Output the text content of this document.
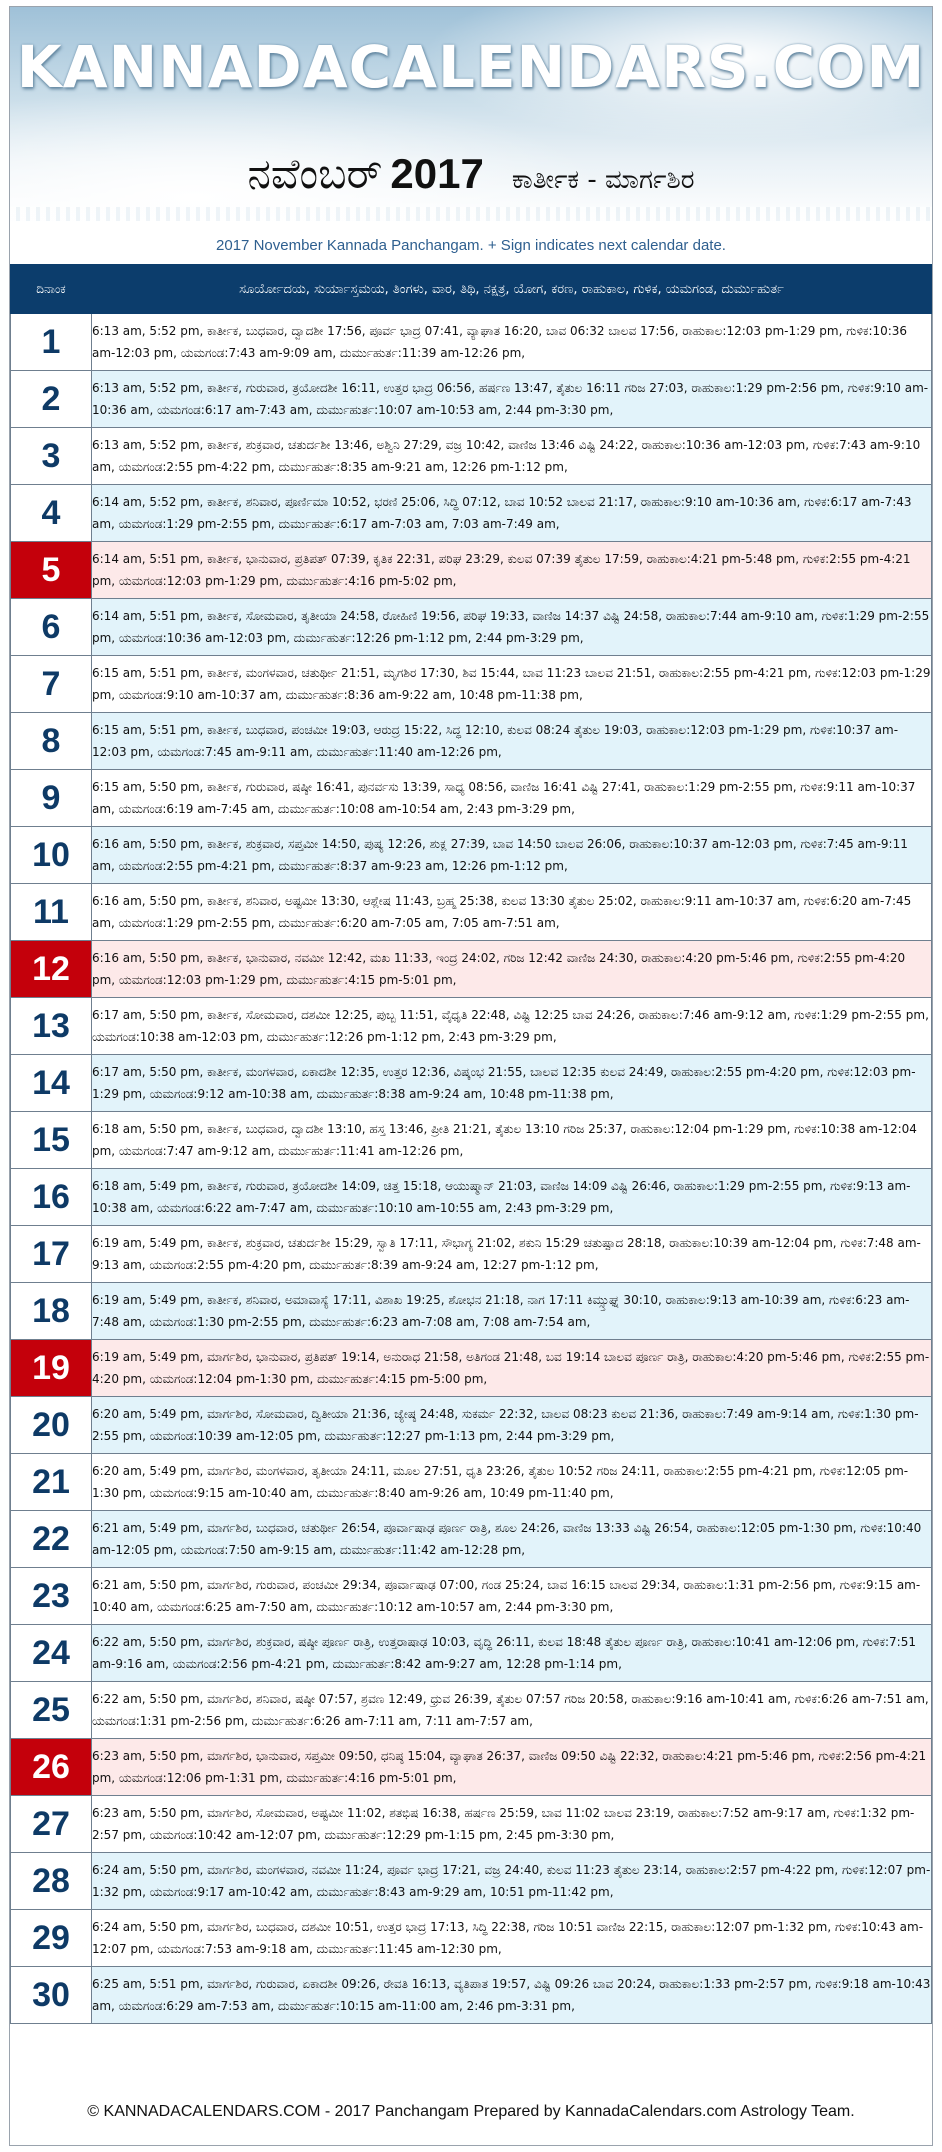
KANNADACALENDARS.COM
ನವೆಂಬರ್ 2017 ಕಾರ್ತೀಕ - ಮಾರ್ಗಶಿರ
2017 November Kannada Panchangam. + Sign indicates next calendar date.
ದಿನಾಂಕ	ಸೂರ್ಯೋದಯ, ಸುರ್ಯಾಸ್ತಮಯ, ತಿಂಗಳು, ವಾರ, ತಿಥಿ, ನಕ್ಷತ್ರ, ಯೋಗ, ಕರಣ, ರಾಹುಕಾಲ, ಗುಳಿಕ, ಯಮಗಂಡ, ದುರ್ಮುಹುರ್ತ
1	6:13 am, 5:52 pm, ಕಾರ್ತೀಕ, ಬುಧವಾರ, ದ್ವಾದಶೀ 17:56, ಪೂರ್ವ ಭಾದ್ರ 07:41, ವ್ಯಾಘಾತ 16:20, ಬಾವ 06:32 ಬಾಲವ 17:56, ರಾಹುಕಾಲ:12:03 pm-1:29 pm, ಗುಳಿಕ:10:36 am-12:03 pm, ಯಮಗಂಡ:7:43 am-9:09 am, ದುರ್ಮುಹುರ್ತ:11:39 am-12:26 pm,
2	6:13 am, 5:52 pm, ಕಾರ್ತೀಕ, ಗುರುವಾರ, ತ್ರಯೋದಶೀ 16:11, ಉತ್ತರ ಭಾದ್ರ 06:56, ಹರ್ಷಣ 13:47, ತೈತುಲ 16:11 ಗರಿಜ 27:03, ರಾಹುಕಾಲ:1:29 pm-2:56 pm, ಗುಳಿಕ:9:10 am-10:36 am, ಯಮಗಂಡ:6:17 am-7:43 am, ದುರ್ಮುಹುರ್ತ:10:07 am-10:53 am, 2:44 pm-3:30 pm,
3	6:13 am, 5:52 pm, ಕಾರ್ತೀಕ, ಶುಕ್ರವಾರ, ಚತುರ್ದಶೀ 13:46, ಅಶ್ವಿನಿ 27:29, ವಜ್ರ 10:42, ವಾಣಿಜ 13:46 ವಿಷ್ಟಿ 24:22, ರಾಹುಕಾಲ:10:36 am-12:03 pm, ಗುಳಿಕ:7:43 am-9:10 am, ಯಮಗಂಡ:2:55 pm-4:22 pm, ದುರ್ಮುಹುರ್ತ:8:35 am-9:21 am, 12:26 pm-1:12 pm,
4	6:14 am, 5:52 pm, ಕಾರ್ತೀಕ, ಶನಿವಾರ, ಪೂರ್ಣಿಮಾ 10:52, ಭರಣಿ 25:06, ಸಿದ್ಧಿ 07:12, ಬಾವ 10:52 ಬಾಲವ 21:17, ರಾಹುಕಾಲ:9:10 am-10:36 am, ಗುಳಿಕ:6:17 am-7:43 am, ಯಮಗಂಡ:1:29 pm-2:55 pm, ದುರ್ಮುಹುರ್ತ:6:17 am-7:03 am, 7:03 am-7:49 am,
5	6:14 am, 5:51 pm, ಕಾರ್ತೀಕ, ಭಾನುವಾರ, ಪ್ರತಿಪತ್ 07:39, ಕೃತಿಕ 22:31, ಪರಿಘ 23:29, ಕುಲವ 07:39 ತೈತುಲ 17:59, ರಾಹುಕಾಲ:4:21 pm-5:48 pm, ಗುಳಿಕ:2:55 pm-4:21 pm, ಯಮಗಂಡ:12:03 pm-1:29 pm, ದುರ್ಮುಹುರ್ತ:4:16 pm-5:02 pm,
6	6:14 am, 5:51 pm, ಕಾರ್ತೀಕ, ಸೋಮವಾರ, ತೃತೀಯಾ 24:58, ರೋಹಿಣಿ 19:56, ಪರಿಘ 19:33, ವಾಣಿಜ 14:37 ವಿಷ್ಟಿ 24:58, ರಾಹುಕಾಲ:7:44 am-9:10 am, ಗುಳಿಕ:1:29 pm-2:55 pm, ಯಮಗಂಡ:10:36 am-12:03 pm, ದುರ್ಮುಹುರ್ತ:12:26 pm-1:12 pm, 2:44 pm-3:29 pm,
7	6:15 am, 5:51 pm, ಕಾರ್ತೀಕ, ಮಂಗಳವಾರ, ಚತುರ್ಥೀ 21:51, ಮೃಗಶಿರ 17:30, ಶಿವ 15:44, ಬಾವ 11:23 ಬಾಲವ 21:51, ರಾಹುಕಾಲ:2:55 pm-4:21 pm, ಗುಳಿಕ:12:03 pm-1:29 pm, ಯಮಗಂಡ:9:10 am-10:37 am, ದುರ್ಮುಹುರ್ತ:8:36 am-9:22 am, 10:48 pm-11:38 pm,
8	6:15 am, 5:51 pm, ಕಾರ್ತೀಕ, ಬುಧವಾರ, ಪಂಚಮೀ 19:03, ಆರುದ್ರ 15:22, ಸಿದ್ಧ 12:10, ಕುಲವ 08:24 ತೈತುಲ 19:03, ರಾಹುಕಾಲ:12:03 pm-1:29 pm, ಗುಳಿಕ:10:37 am-12:03 pm, ಯಮಗಂಡ:7:45 am-9:11 am, ದುರ್ಮುಹುರ್ತ:11:40 am-12:26 pm,
9	6:15 am, 5:50 pm, ಕಾರ್ತೀಕ, ಗುರುವಾರ, ಷಷ್ಠೀ 16:41, ಪುನರ್ವಸು 13:39, ಸಾಧ್ಯ 08:56, ವಾಣಿಜ 16:41 ವಿಷ್ಟಿ 27:41, ರಾಹುಕಾಲ:1:29 pm-2:55 pm, ಗುಳಿಕ:9:11 am-10:37 am, ಯಮಗಂಡ:6:19 am-7:45 am, ದುರ್ಮುಹುರ್ತ:10:08 am-10:54 am, 2:43 pm-3:29 pm,
10	6:16 am, 5:50 pm, ಕಾರ್ತೀಕ, ಶುಕ್ರವಾರ, ಸಪ್ತಮೀ 14:50, ಪುಷ್ಯ 12:26, ಶುಕ್ಲ 27:39, ಬಾವ 14:50 ಬಾಲವ 26:06, ರಾಹುಕಾಲ:10:37 am-12:03 pm, ಗುಳಿಕ:7:45 am-9:11 am, ಯಮಗಂಡ:2:55 pm-4:21 pm, ದುರ್ಮುಹುರ್ತ:8:37 am-9:23 am, 12:26 pm-1:12 pm,
11	6:16 am, 5:50 pm, ಕಾರ್ತೀಕ, ಶನಿವಾರ, ಅಷ್ಟಮೀ 13:30, ಆಶ್ಲೇಷ 11:43, ಬ್ರಹ್ಮ 25:38, ಕುಲವ 13:30 ತೈತುಲ 25:02, ರಾಹುಕಾಲ:9:11 am-10:37 am, ಗುಳಿಕ:6:20 am-7:45 am, ಯಮಗಂಡ:1:29 pm-2:55 pm, ದುರ್ಮುಹುರ್ತ:6:20 am-7:05 am, 7:05 am-7:51 am,
12	6:16 am, 5:50 pm, ಕಾರ್ತೀಕ, ಭಾನುವಾರ, ನವಮೀ 12:42, ಮಖ 11:33, ಇಂದ್ರ 24:02, ಗರಿಜ 12:42 ವಾಣಿಜ 24:30, ರಾಹುಕಾಲ:4:20 pm-5:46 pm, ಗುಳಿಕ:2:55 pm-4:20 pm, ಯಮಗಂಡ:12:03 pm-1:29 pm, ದುರ್ಮುಹುರ್ತ:4:15 pm-5:01 pm,
13	6:17 am, 5:50 pm, ಕಾರ್ತೀಕ, ಸೋಮವಾರ, ದಶಮೀ 12:25, ಪುಬ್ಬ 11:51, ವೈಧೃತಿ 22:48, ವಿಷ್ಟಿ 12:25 ಬಾವ 24:26, ರಾಹುಕಾಲ:7:46 am-9:12 am, ಗುಳಿಕ:1:29 pm-2:55 pm, ಯಮಗಂಡ:10:38 am-12:03 pm, ದುರ್ಮುಹುರ್ತ:12:26 pm-1:12 pm, 2:43 pm-3:29 pm,
14	6:17 am, 5:50 pm, ಕಾರ್ತೀಕ, ಮಂಗಳವಾರ, ಏಕಾದಶೀ 12:35, ಉತ್ತರ 12:36, ವಿಷ್ಕಂಭ 21:55, ಬಾಲವ 12:35 ಕುಲವ 24:49, ರಾಹುಕಾಲ:2:55 pm-4:20 pm, ಗುಳಿಕ:12:03 pm-1:29 pm, ಯಮಗಂಡ:9:12 am-10:38 am, ದುರ್ಮುಹುರ್ತ:8:38 am-9:24 am, 10:48 pm-11:38 pm,
15	6:18 am, 5:50 pm, ಕಾರ್ತೀಕ, ಬುಧವಾರ, ದ್ವಾದಶೀ 13:10, ಹಸ್ತ 13:46, ಪ್ರೀತಿ 21:21, ತೈತುಲ 13:10 ಗರಿಜ 25:37, ರಾಹುಕಾಲ:12:04 pm-1:29 pm, ಗುಳಿಕ:10:38 am-12:04 pm, ಯಮಗಂಡ:7:47 am-9:12 am, ದುರ್ಮುಹುರ್ತ:11:41 am-12:26 pm,
16	6:18 am, 5:49 pm, ಕಾರ್ತೀಕ, ಗುರುವಾರ, ತ್ರಯೋದಶೀ 14:09, ಚಿತ್ತ 15:18, ಆಯುಷ್ಮಾನ್ 21:03, ವಾಣಿಜ 14:09 ವಿಷ್ಟಿ 26:46, ರಾಹುಕಾಲ:1:29 pm-2:55 pm, ಗುಳಿಕ:9:13 am-10:38 am, ಯಮಗಂಡ:6:22 am-7:47 am, ದುರ್ಮುಹುರ್ತ:10:10 am-10:55 am, 2:43 pm-3:29 pm,
17	6:19 am, 5:49 pm, ಕಾರ್ತೀಕ, ಶುಕ್ರವಾರ, ಚತುರ್ದಶೀ 15:29, ಸ್ವಾತಿ 17:11, ಸೌಭಾಗ್ಯ 21:02, ಶಕುನಿ 15:29 ಚತುಷ್ಪಾದ 28:18, ರಾಹುಕಾಲ:10:39 am-12:04 pm, ಗುಳಿಕ:7:48 am-9:13 am, ಯಮಗಂಡ:2:55 pm-4:20 pm, ದುರ್ಮುಹುರ್ತ:8:39 am-9:24 am, 12:27 pm-1:12 pm,
18	6:19 am, 5:49 pm, ಕಾರ್ತೀಕ, ಶನಿವಾರ, ಅಮಾವಾಸ್ಯೆ 17:11, ವಿಶಾಖ 19:25, ಶೋಭನ 21:18, ನಾಗ 17:11 ಕಿಮ್ಸ್ತುಘ್ನ 30:10, ರಾಹುಕಾಲ:9:13 am-10:39 am, ಗುಳಿಕ:6:23 am-7:48 am, ಯಮಗಂಡ:1:30 pm-2:55 pm, ದುರ್ಮುಹುರ್ತ:6:23 am-7:08 am, 7:08 am-7:54 am,
19	6:19 am, 5:49 pm, ಮಾರ್ಗಶಿರ, ಭಾನುವಾರ, ಪ್ರತಿಪತ್ 19:14, ಅನುರಾಧ 21:58, ಅತಿಗಂಡ 21:48, ಬವ 19:14 ಬಾಲವ ಪೂರ್ಣ ರಾತ್ರಿ, ರಾಹುಕಾಲ:4:20 pm-5:46 pm, ಗುಳಿಕ:2:55 pm-4:20 pm, ಯಮಗಂಡ:12:04 pm-1:30 pm, ದುರ್ಮುಹುರ್ತ:4:15 pm-5:00 pm,
20	6:20 am, 5:49 pm, ಮಾರ್ಗಶಿರ, ಸೋಮವಾರ, ದ್ವಿತೀಯಾ 21:36, ಜ್ಯೇಷ್ಠ 24:48, ಸುಕರ್ಮ 22:32, ಬಾಲವ 08:23 ಕುಲವ 21:36, ರಾಹುಕಾಲ:7:49 am-9:14 am, ಗುಳಿಕ:1:30 pm-2:55 pm, ಯಮಗಂಡ:10:39 am-12:05 pm, ದುರ್ಮುಹುರ್ತ:12:27 pm-1:13 pm, 2:44 pm-3:29 pm,
21	6:20 am, 5:49 pm, ಮಾರ್ಗಶಿರ, ಮಂಗಳವಾರ, ತೃತೀಯಾ 24:11, ಮೂಲ 27:51, ಧೃತಿ 23:26, ತೈತುಲ 10:52 ಗರಿಜ 24:11, ರಾಹುಕಾಲ:2:55 pm-4:21 pm, ಗುಳಿಕ:12:05 pm-1:30 pm, ಯಮಗಂಡ:9:15 am-10:40 am, ದುರ್ಮುಹುರ್ತ:8:40 am-9:26 am, 10:49 pm-11:40 pm,
22	6:21 am, 5:49 pm, ಮಾರ್ಗಶಿರ, ಬುಧವಾರ, ಚತುರ್ಥೀ 26:54, ಪೂರ್ವಾಷಾಢ ಪೂರ್ಣ ರಾತ್ರಿ, ಶೂಲ 24:26, ವಾಣಿಜ 13:33 ವಿಷ್ಟಿ 26:54, ರಾಹುಕಾಲ:12:05 pm-1:30 pm, ಗುಳಿಕ:10:40 am-12:05 pm, ಯಮಗಂಡ:7:50 am-9:15 am, ದುರ್ಮುಹುರ್ತ:11:42 am-12:28 pm,
23	6:21 am, 5:50 pm, ಮಾರ್ಗಶಿರ, ಗುರುವಾರ, ಪಂಚಮೀ 29:34, ಪೂರ್ವಾಷಾಢ 07:00, ಗಂಡ 25:24, ಬಾವ 16:15 ಬಾಲವ 29:34, ರಾಹುಕಾಲ:1:31 pm-2:56 pm, ಗುಳಿಕ:9:15 am-10:40 am, ಯಮಗಂಡ:6:25 am-7:50 am, ದುರ್ಮುಹುರ್ತ:10:12 am-10:57 am, 2:44 pm-3:30 pm,
24	6:22 am, 5:50 pm, ಮಾರ್ಗಶಿರ, ಶುಕ್ರವಾರ, ಷಷ್ಠೀ ಪೂರ್ಣ ರಾತ್ರಿ, ಉತ್ತರಾಷಾಢ 10:03, ವೃದ್ಧಿ 26:11, ಕುಲವ 18:48 ತೈತುಲ ಪೂರ್ಣ ರಾತ್ರಿ, ರಾಹುಕಾಲ:10:41 am-12:06 pm, ಗುಳಿಕ:7:51 am-9:16 am, ಯಮಗಂಡ:2:56 pm-4:21 pm, ದುರ್ಮುಹುರ್ತ:8:42 am-9:27 am, 12:28 pm-1:14 pm,
25	6:22 am, 5:50 pm, ಮಾರ್ಗಶಿರ, ಶನಿವಾರ, ಷಷ್ಠೀ 07:57, ಶ್ರವಣ 12:49, ಧ್ರುವ 26:39, ತೈತುಲ 07:57 ಗರಿಜ 20:58, ರಾಹುಕಾಲ:9:16 am-10:41 am, ಗುಳಿಕ:6:26 am-7:51 am, ಯಮಗಂಡ:1:31 pm-2:56 pm, ದುರ್ಮುಹುರ್ತ:6:26 am-7:11 am, 7:11 am-7:57 am,
26	6:23 am, 5:50 pm, ಮಾರ್ಗಶಿರ, ಭಾನುವಾರ, ಸಪ್ತಮೀ 09:50, ಧನಿಷ್ಠ 15:04, ವ್ಯಾಘಾತ 26:37, ವಾಣಿಜ 09:50 ವಿಷ್ಟಿ 22:32, ರಾಹುಕಾಲ:4:21 pm-5:46 pm, ಗುಳಿಕ:2:56 pm-4:21 pm, ಯಮಗಂಡ:12:06 pm-1:31 pm, ದುರ್ಮುಹುರ್ತ:4:16 pm-5:01 pm,
27	6:23 am, 5:50 pm, ಮಾರ್ಗಶಿರ, ಸೋಮವಾರ, ಅಷ್ಟಮೀ 11:02, ಶತಭಿಷ 16:38, ಹರ್ಷಣ 25:59, ಬಾವ 11:02 ಬಾಲವ 23:19, ರಾಹುಕಾಲ:7:52 am-9:17 am, ಗುಳಿಕ:1:32 pm-2:57 pm, ಯಮಗಂಡ:10:42 am-12:07 pm, ದುರ್ಮುಹುರ್ತ:12:29 pm-1:15 pm, 2:45 pm-3:30 pm,
28	6:24 am, 5:50 pm, ಮಾರ್ಗಶಿರ, ಮಂಗಳವಾರ, ನವಮೀ 11:24, ಪೂರ್ವ ಭಾದ್ರ 17:21, ವಜ್ರ 24:40, ಕುಲವ 11:23 ತೈತುಲ 23:14, ರಾಹುಕಾಲ:2:57 pm-4:22 pm, ಗುಳಿಕ:12:07 pm-1:32 pm, ಯಮಗಂಡ:9:17 am-10:42 am, ದುರ್ಮುಹುರ್ತ:8:43 am-9:29 am, 10:51 pm-11:42 pm,
29	6:24 am, 5:50 pm, ಮಾರ್ಗಶಿರ, ಬುಧವಾರ, ದಶಮೀ 10:51, ಉತ್ತರ ಭಾದ್ರ 17:13, ಸಿದ್ಧಿ 22:38, ಗರಿಜ 10:51 ವಾಣಿಜ 22:15, ರಾಹುಕಾಲ:12:07 pm-1:32 pm, ಗುಳಿಕ:10:43 am-12:07 pm, ಯಮಗಂಡ:7:53 am-9:18 am, ದುರ್ಮುಹುರ್ತ:11:45 am-12:30 pm,
30	6:25 am, 5:51 pm, ಮಾರ್ಗಶಿರ, ಗುರುವಾರ, ಏಕಾದಶೀ 09:26, ರೇವತಿ 16:13, ವ್ಯತಿಪಾತ 19:57, ವಿಷ್ಟಿ 09:26 ಬಾವ 20:24, ರಾಹುಕಾಲ:1:33 pm-2:57 pm, ಗುಳಿಕ:9:18 am-10:43 am, ಯಮಗಂಡ:6:29 am-7:53 am, ದುರ್ಮುಹುರ್ತ:10:15 am-11:00 am, 2:46 pm-3:31 pm,
© KANNADACALENDARS.COM - 2017 Panchangam Prepared by KannadaCalendars.com Astrology Team.
